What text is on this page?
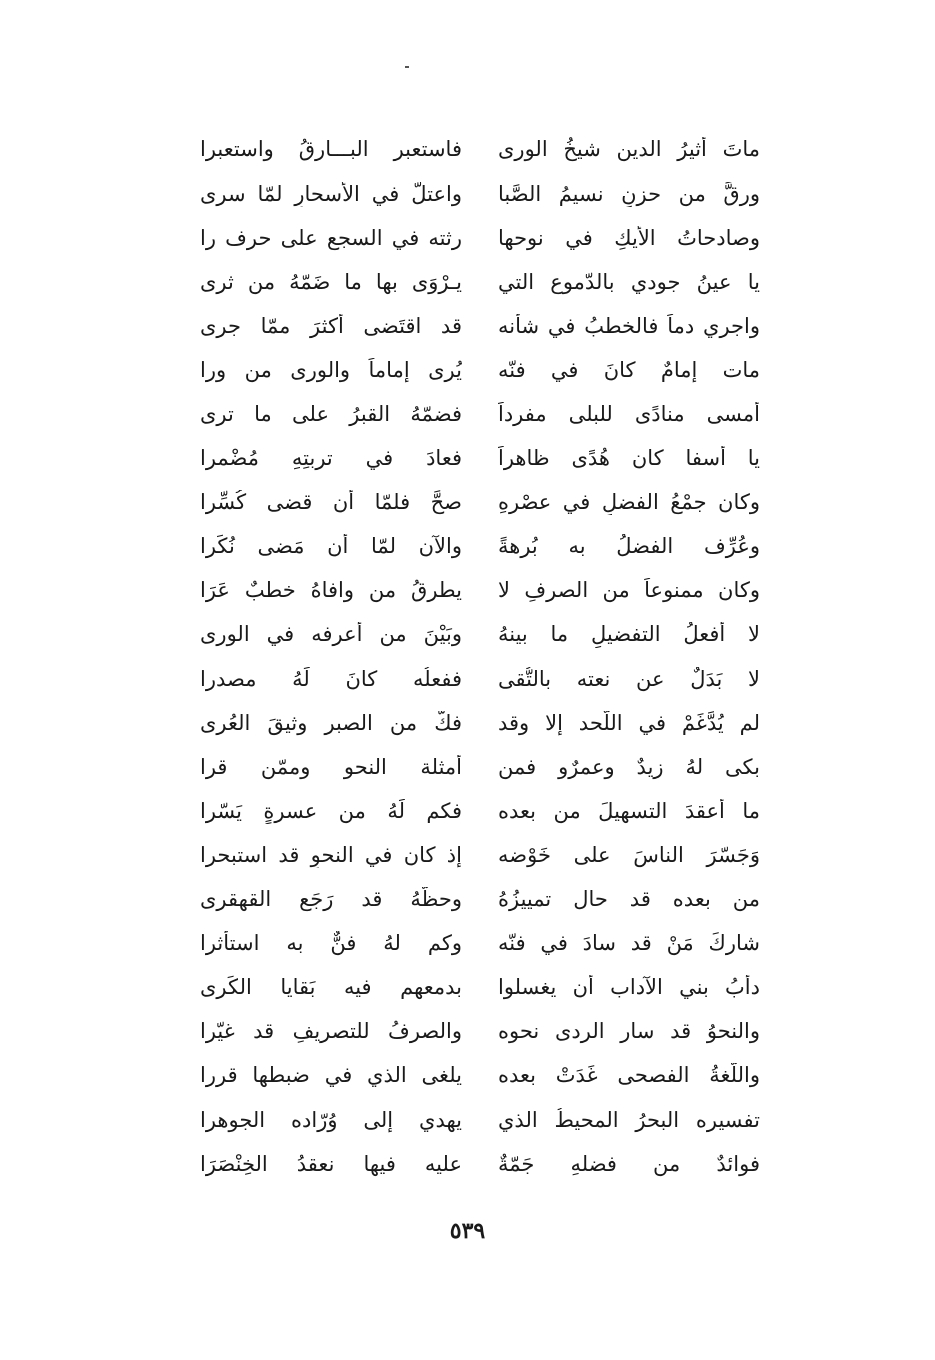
ماتَ أثيرُ الدين شيخُ الورى
فاستعبر البـــارقُ واستعبرا
ورقَّ من حزنٍ نسيمُ الصَّبا
واعتلَّ في الأسحارِ لمّا سرى
وصادحاتُ الأيكِ في نوحها
رثته في السجع على حرف را
يا عينُ جودي بالدّموع التي
يـرْوَى بها ما ضَمّهُ من ثرى
واجري دماً فالخطبُ في شأنه
قد اقتَضى أكثرَ ممّا جرى
مات إمامٌ كانَ في فنّه
يُرى إماماً والورى من ورا
أمسى منادًى للبلى مفرداً
فضمّهُ القبرُ على ما ترى
يا أسفا كان هُدًى ظاهراً
فعادَ في تربتِهِ مُضْمرا
وكان جمْعُ الفضلِ في عصْرهِ
صحَّ فلمّا أن قضى كُسِّرا
وعُرِّف الفضلُ به بُرهةً
والآن لمّا أن مَضى نُكِّرا
وكان ممنوعاً من الصرفِ لا
يطرقُ من وافاهُ خطبٌ عَرَا
لا أفعلُ التفضيلِ ما بينهُ
وبَيْنَ من أعرفه في الورى
لا بَدَلٌ عن نعته بالتُّقى
ففعلُه كانَ لَهُ مصدرا
لم يُدَّغَمْ في اللّحد إلا وقد
فكَّ من الصبر وثيقَ العُرى
بكى لهُ زيدٌ وعمرٌو فمن
أمثلة النحو وممّن قرا
ما أعقدَ التسهيلَ من بعده
فكم لَهُ من عسرةٍ يَسّرا
وَجَسّرَ الناسَ على خَوْضه
إذ كان في النحوِ قد استبحرا
من بعده قد حال تمييزُهُ
وحظُّهُ قد رَجَع القهقرى
شاركَ مَنْ قد سادَ في فنّه
وكم لهُ فنٌّ به استأثرا
دأبُ بني الآداب أن يغسلوا
بدمعهم فيه بَقايا الكَرى
والنحوُ قد سار الردى نحوه
والصرفُ للتصريفِ قد غيّرا
واللّغةُ الفصحى غَدَتْ بعده
يلغى الذي في ضبطها قررا
تفسيره البحرُ المحيطُ الذي
يهدي إلى وُرّاده الجوهرا
فوائدٌ من فضلهِ جَمّةٌ
عليه فيها نعقدُ الخِنْصَرَا
٥٣٩
